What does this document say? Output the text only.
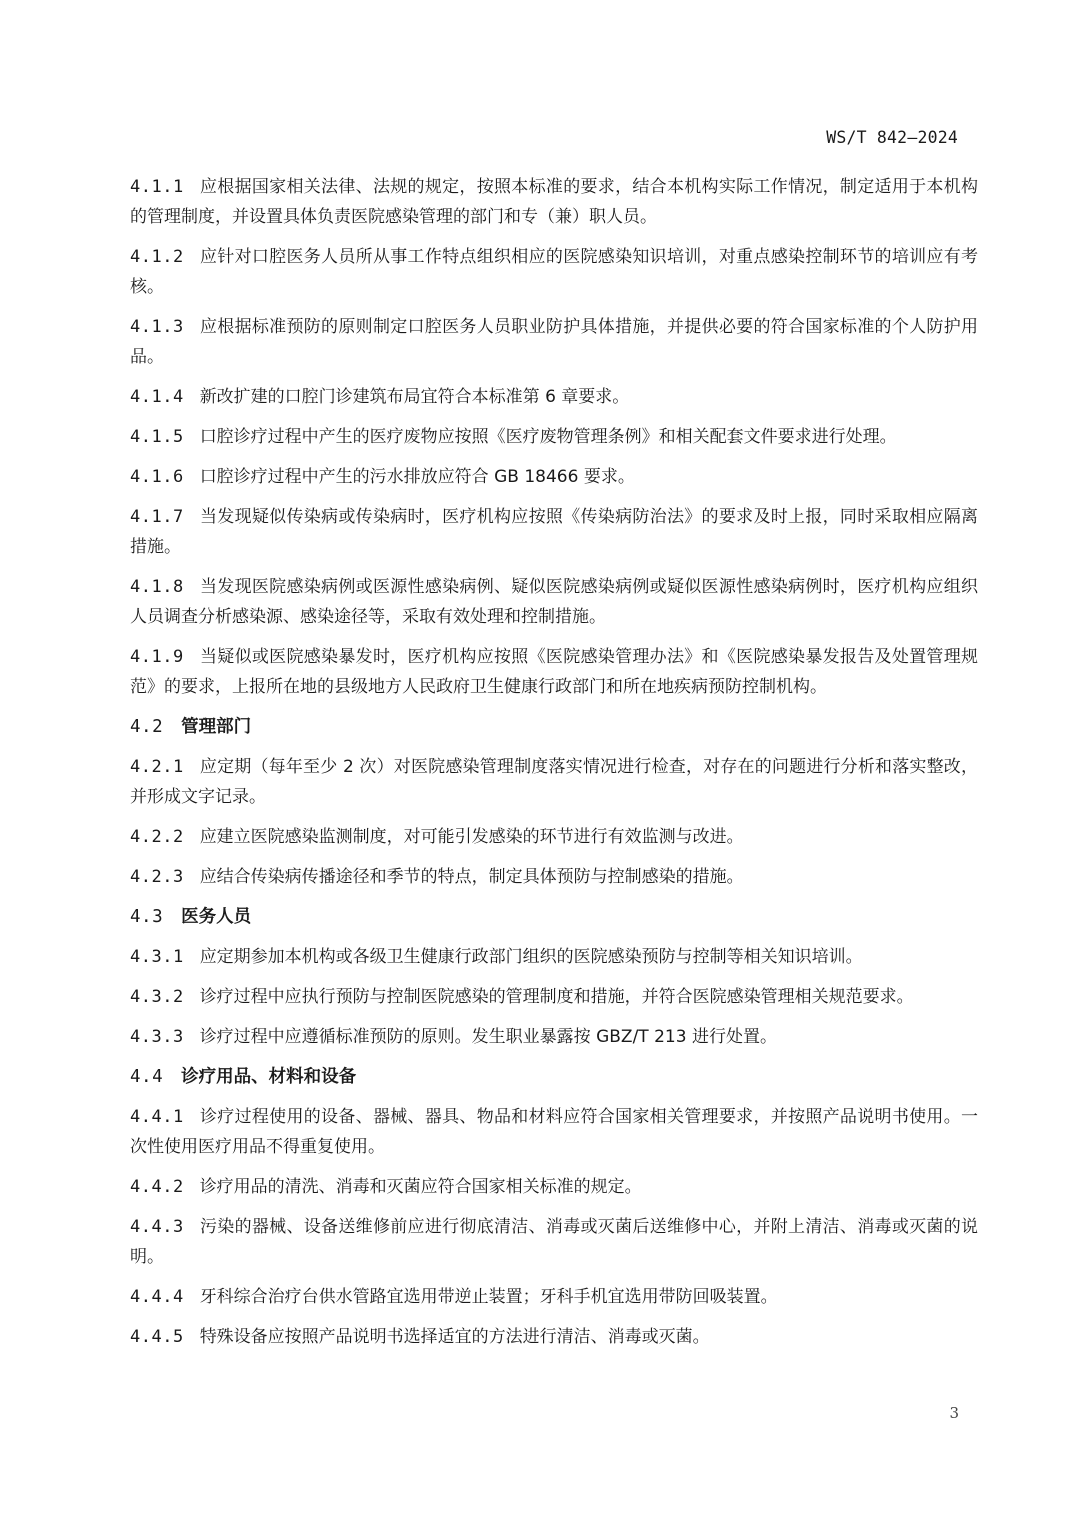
WS/T 842—2024
4.1.1 应根据国家相关法律、法规的规定，按照本标准的要求，结合本机构实际工作情况，制定适用于本机构的管理制度，并设置具体负责医院感染管理的部门和专（兼）职人员。
4.1.2 应针对口腔医务人员所从事工作特点组织相应的医院感染知识培训，对重点感染控制环节的培训应有考核。
4.1.3 应根据标准预防的原则制定口腔医务人员职业防护具体措施，并提供必要的符合国家标准的个人防护用品。
4.1.4 新改扩建的口腔门诊建筑布局宜符合本标准第 6 章要求。
4.1.5 口腔诊疗过程中产生的医疗废物应按照《医疗废物管理条例》和相关配套文件要求进行处理。
4.1.6 口腔诊疗过程中产生的污水排放应符合 GB 18466 要求。
4.1.7 当发现疑似传染病或传染病时，医疗机构应按照《传染病防治法》的要求及时上报，同时采取相应隔离措施。
4.1.8 当发现医院感染病例或医源性感染病例、疑似医院感染病例或疑似医源性感染病例时，医疗机构应组织人员调查分析感染源、感染途径等，采取有效处理和控制措施。
4.1.9 当疑似或医院感染暴发时，医疗机构应按照《医院感染管理办法》和《医院感染暴发报告及处置管理规范》的要求，上报所在地的县级地方人民政府卫生健康行政部门和所在地疾病预防控制机构。
4.2 管理部门
4.2.1 应定期（每年至少 2 次）对医院感染管理制度落实情况进行检查，对存在的问题进行分析和落实整改，并形成文字记录。
4.2.2 应建立医院感染监测制度，对可能引发感染的环节进行有效监测与改进。
4.2.3 应结合传染病传播途径和季节的特点，制定具体预防与控制感染的措施。
4.3 医务人员
4.3.1 应定期参加本机构或各级卫生健康行政部门组织的医院感染预防与控制等相关知识培训。
4.3.2 诊疗过程中应执行预防与控制医院感染的管理制度和措施，并符合医院感染管理相关规范要求。
4.3.3 诊疗过程中应遵循标准预防的原则。发生职业暴露按 GBZ/T 213 进行处置。
4.4 诊疗用品、材料和设备
4.4.1 诊疗过程使用的设备、器械、器具、物品和材料应符合国家相关管理要求，并按照产品说明书使用。一次性使用医疗用品不得重复使用。
4.4.2 诊疗用品的清洗、消毒和灭菌应符合国家相关标准的规定。
4.4.3 污染的器械、设备送维修前应进行彻底清洁、消毒或灭菌后送维修中心，并附上清洁、消毒或灭菌的说明。
4.4.4 牙科综合治疗台供水管路宜选用带逆止装置；牙科手机宜选用带防回吸装置。
4.4.5 特殊设备应按照产品说明书选择适宜的方法进行清洁、消毒或灭菌。
3
